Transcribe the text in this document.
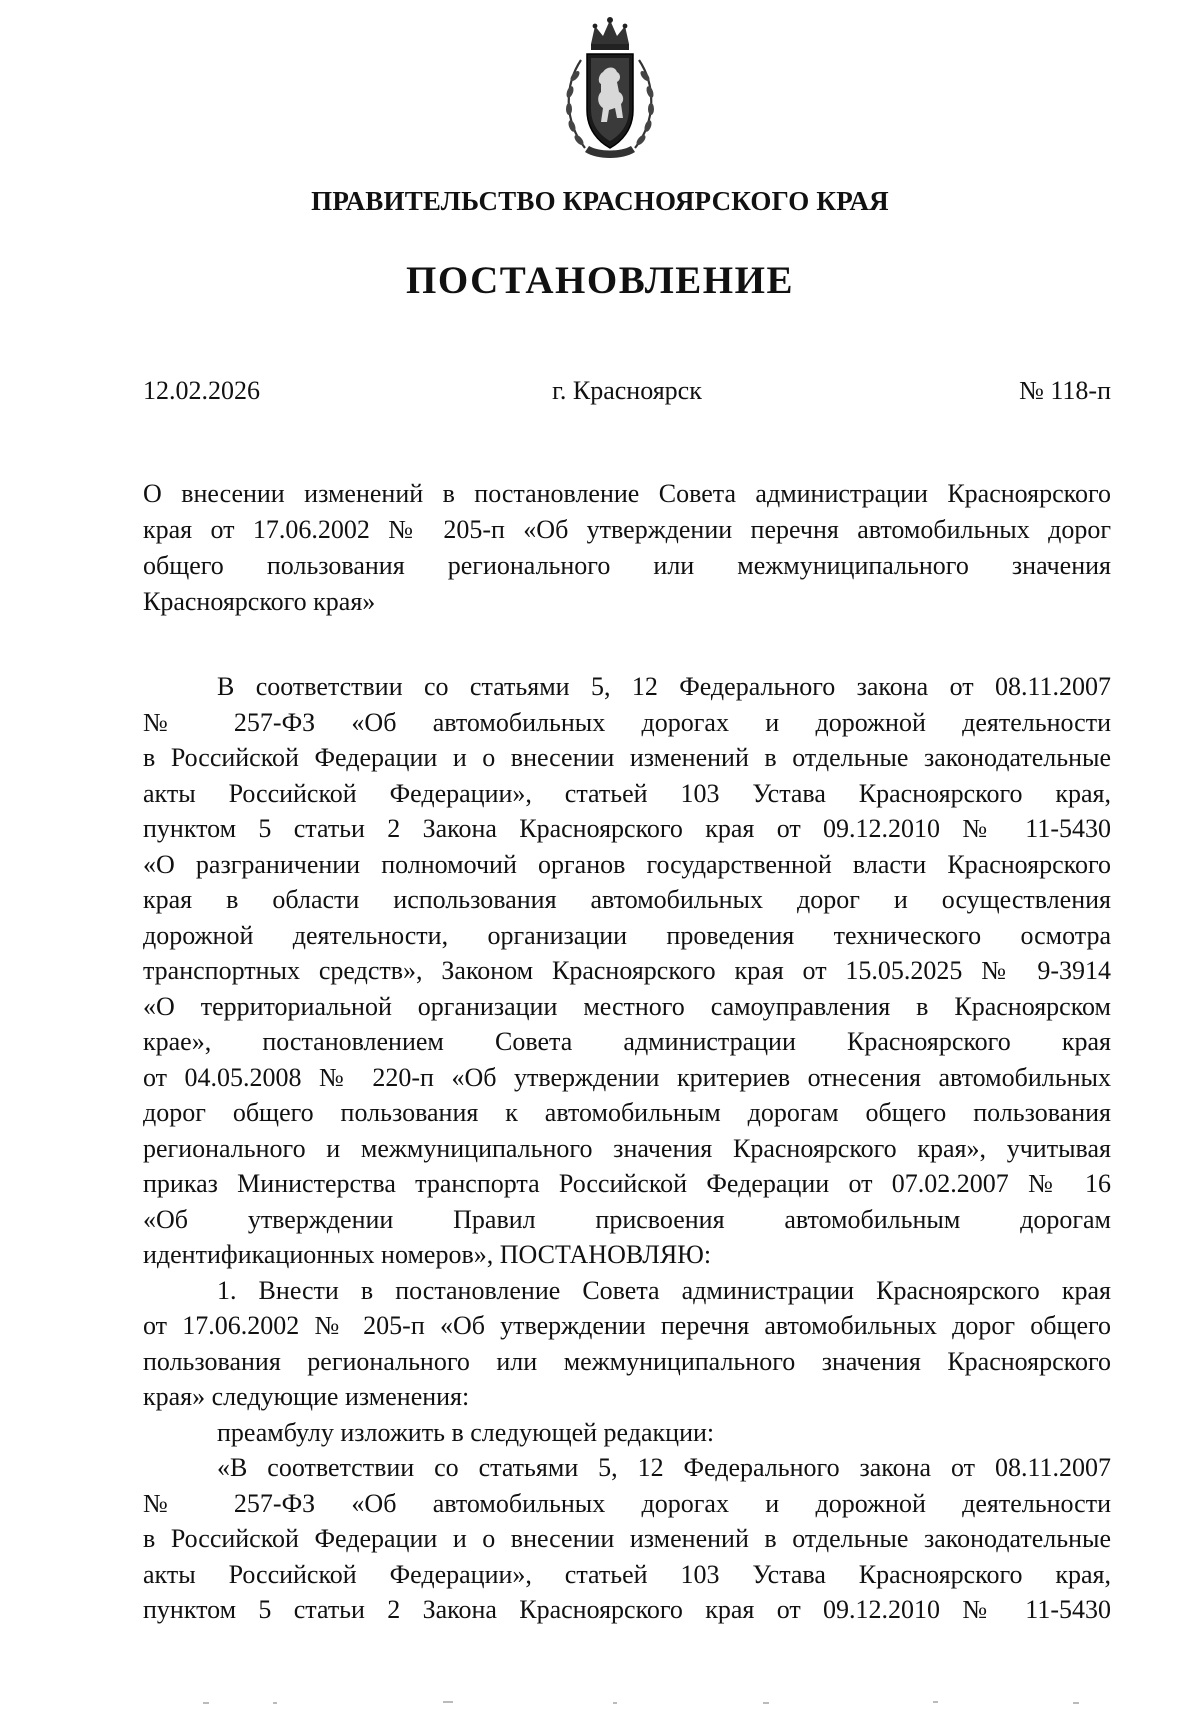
ПРАВИТЕЛЬСТВО КРАСНОЯРСКОГО КРАЯ
ПОСТАНОВЛЕНИЕ
12.02.2026	г. Красноярск	№ 118-п
О внесении изменений в постановление Совета администрации Красноярского
края от 17.06.2002 № 205-п «Об утверждении перечня автомобильных дорог
общего пользования регионального или межмуниципального значения
Красноярского края»
В соответствии со статьями 5, 12 Федерального закона от 08.11.2007
№ 257-ФЗ «Об автомобильных дорогах и дорожной деятельности
в Российской Федерации и о внесении изменений в отдельные законодательные
акты Российской Федерации», статьей 103 Устава Красноярского края,
пунктом 5 статьи 2 Закона Красноярского края от 09.12.2010 № 11-5430
«О разграничении полномочий органов государственной власти Красноярского
края в области использования автомобильных дорог и осуществления
дорожной деятельности, организации проведения технического осмотра
транспортных средств», Законом Красноярского края от 15.05.2025 № 9-3914
«О территориальной организации местного самоуправления в Красноярском
крае», постановлением Совета администрации Красноярского края
от 04.05.2008 № 220-п «Об утверждении критериев отнесения автомобильных
дорог общего пользования к автомобильным дорогам общего пользования
регионального и межмуниципального значения Красноярского края», учитывая
приказ Министерства транспорта Российской Федерации от 07.02.2007 № 16
«Об утверждении Правил присвоения автомобильным дорогам
идентификационных номеров», ПОСТАНОВЛЯЮ:
1. Внести в постановление Совета администрации Красноярского края
от 17.06.2002 № 205-п «Об утверждении перечня автомобильных дорог общего
пользования регионального или межмуниципального значения Красноярского
края» следующие изменения:
преамбулу изложить в следующей редакции:
«В соответствии со статьями 5, 12 Федерального закона от 08.11.2007
№ 257-ФЗ «Об автомобильных дорогах и дорожной деятельности
в Российской Федерации и о внесении изменений в отдельные законодательные
акты Российской Федерации», статьей 103 Устава Красноярского края,
пунктом 5 статьи 2 Закона Красноярского края от 09.12.2010 № 11-5430
